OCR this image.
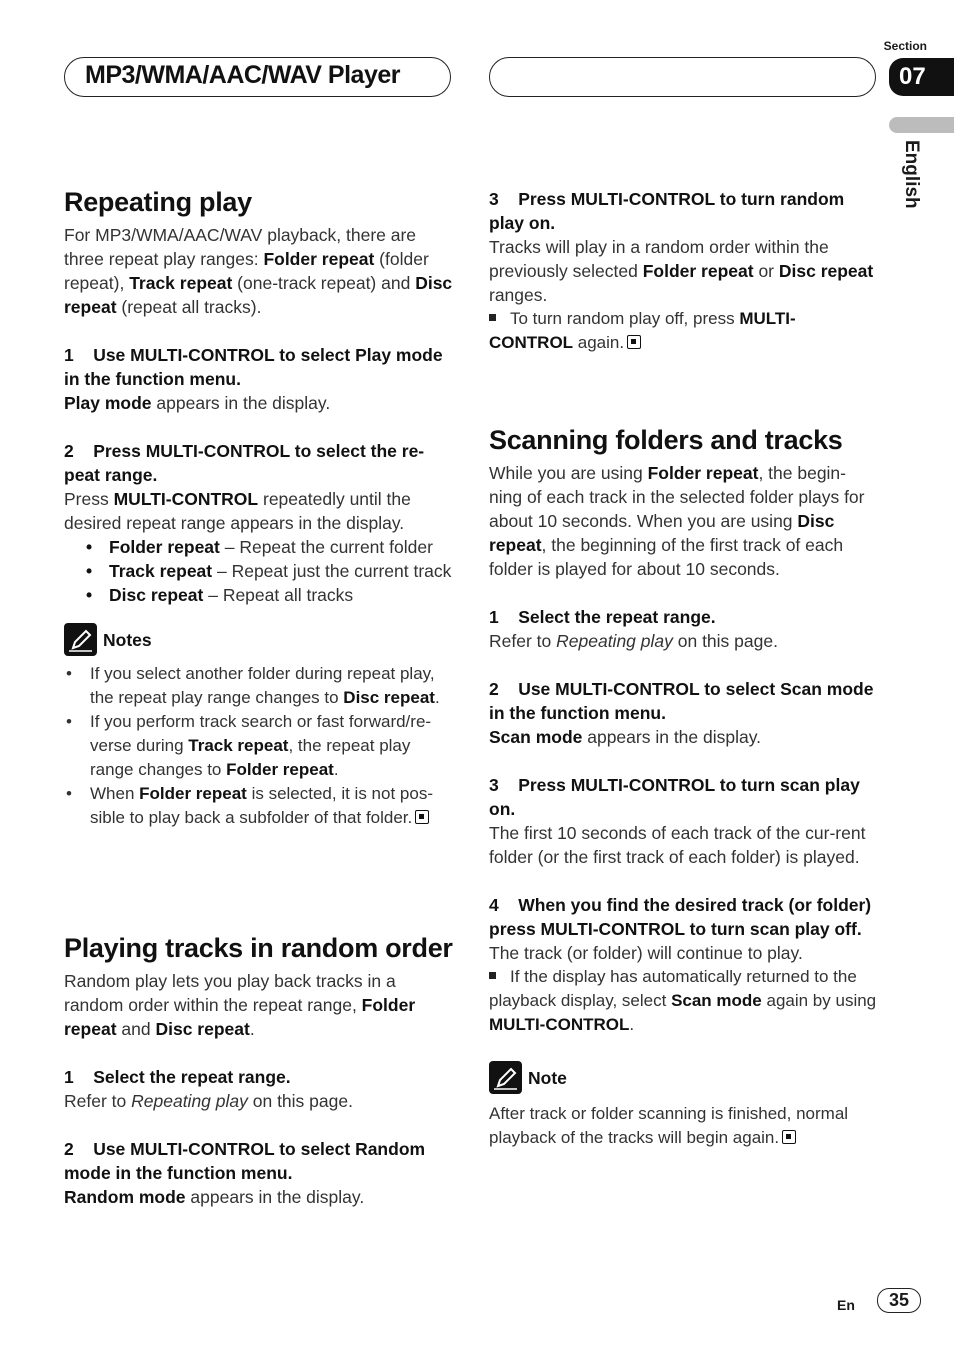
MP3/WMA/AAC/WAV Player
Section
07
English
Repeating play

For MP3/WMA/AAC/WAV playback, there are three repeat play ranges: Folder repeat (folder repeat), Track repeat (one-track repeat) and Disc repeat (repeat all tracks).

1 Use MULTI-CONTROL to select Play mode in the function menu.

Play mode appears in the display.

2 Press MULTI-CONTROL to select the re-peat range.

Press MULTI-CONTROL repeatedly until the desired repeat range appears in the display.

• Folder repeat – Repeat the current folder
• Track repeat – Repeat just the current track
• Disc repeat – Repeat all tracks
Notes
• If you select another folder during repeat play, the repeat play range changes to Disc repeat.
• If you perform track search or fast forward/re-verse during Track repeat, the repeat play range changes to Folder repeat.
• When Folder repeat is selected, it is not pos-sible to play back a subfolder of that folder.
Playing tracks in random order

Random play lets you play back tracks in a random order within the repeat range, Folder repeat and Disc repeat.

1 Select the repeat range.

Refer to Repeating play on this page.

2 Use MULTI-CONTROL to select Random mode in the function menu.

Random mode appears in the display.

3 Press MULTI-CONTROL to turn random play on.

Tracks will play in a random order within the previously selected Folder repeat or Disc repeat ranges.

To turn random play off, press MULTI-CONTROL again.

Scanning folders and tracks

While you are using Folder repeat, the begin-ning of each track in the selected folder plays for about 10 seconds. When you are using Disc repeat, the beginning of the first track of each folder is played for about 10 seconds.

1 Select the repeat range.

Refer to Repeating play on this page.

2 Use MULTI-CONTROL to select Scan mode in the function menu.

Scan mode appears in the display.

3 Press MULTI-CONTROL to turn scan play on.

The first 10 seconds of each track of the cur-rent folder (or the first track of each folder) is played.

4 When you find the desired track (or folder) press MULTI-CONTROL to turn scan play off.

The track (or folder) will continue to play.

If the display has automatically returned to the playback display, select Scan mode again by using MULTI-CONTROL.

Note

After track or folder scanning is finished, normal playback of the tracks will begin again.

En	35
